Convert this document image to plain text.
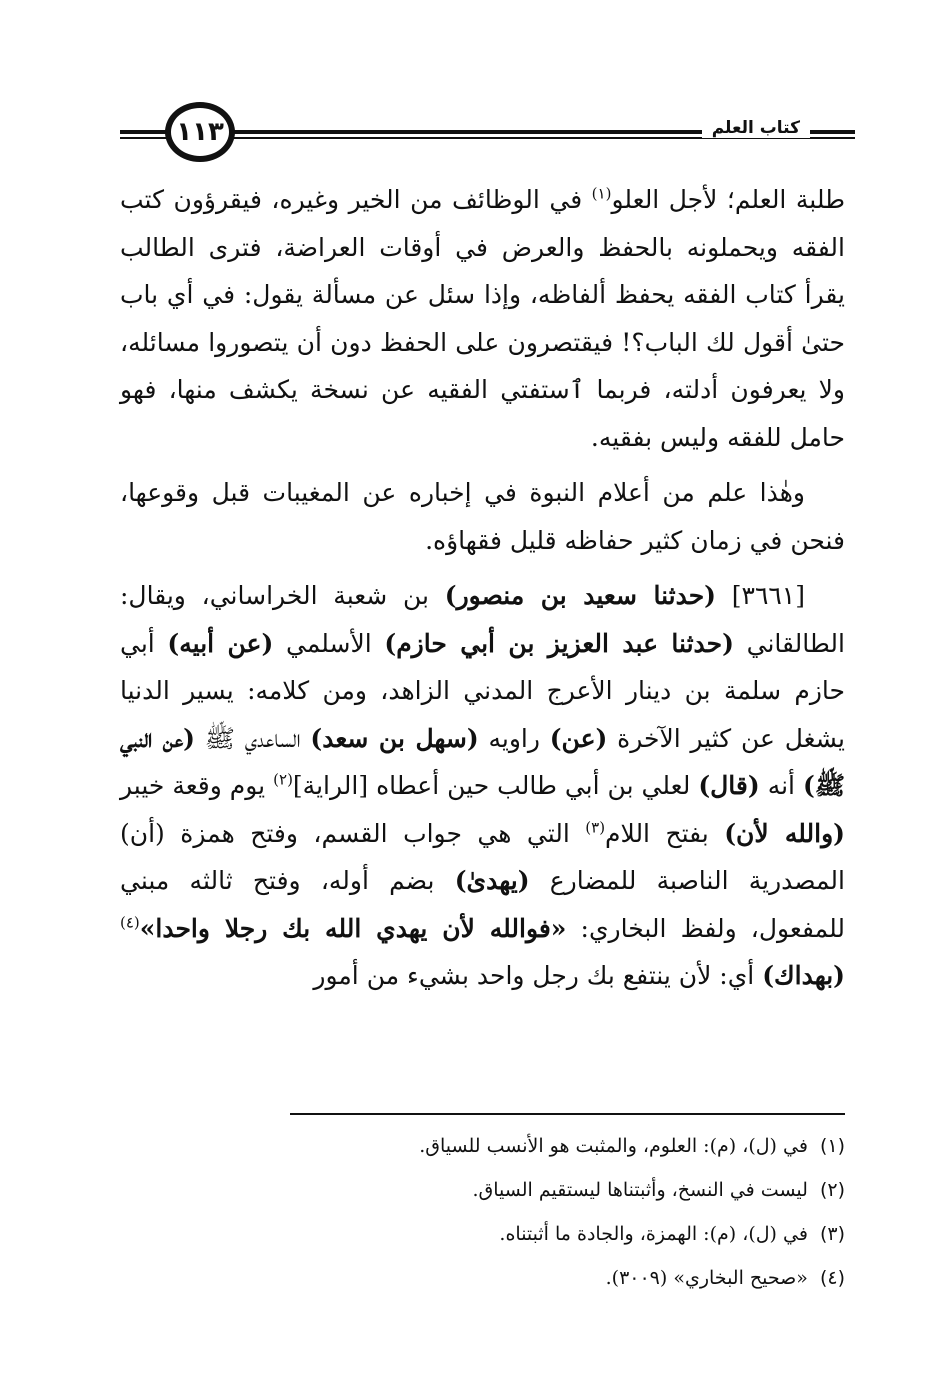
كتاب العلم
١١٣

طلبة العلم؛ لأجل العلو$^{(١)}$ في الوظائف من الخير وغيره، فيقرؤون كتب الفقه ويحملونه بالحفظ والعرض في أوقات العراضة، فترى الطالب يقرأ كتاب الفقه يحفظ ألفاظه، وإذا سئل عن مسألة يقول: في أي باب حتىٰ أقول لك الباب؟! فيقتصرون على الحفظ دون أن يتصوروا مسائله، ولا يعرفون أدلته، فربما ٱستفتي الفقيه عن نسخة يكشف منها، فهو حامل للفقه وليس بفقيه.

وهٰذا علم من أعلام النبوة في إخباره عن المغيبات قبل وقوعها، فنحن في زمان كثير حفاظه قليل فقهاؤه.

[٣٦٦١] (حدثنا سعيد بن منصور) بن شعبة الخراساني، ويقال: الطالقاني (حدثنا عبد العزيز بن أبي حازم) الأسلمي (عن أبيه) أبي حازم سلمة بن دينار الأعرج المدني الزاهد، ومن كلامه: يسير الدنيا يشغل عن كثير الآخرة (عن) راويه (سهل بن سعد) الساعدي ﷺ (عن النبي ﷺ) أنه (قال) لعلي بن أبي طالب حين أعطاه [الراية]$^{(٢)}$ يوم وقعة خيبر (والله لأن) بفتح اللام$^{(٣)}$ التي هي جواب القسم، وفتح همزة (أن) المصدرية الناصبة للمضارع (يهدىٰ) بضم أوله، وفتح ثالثه مبني للمفعول، ولفظ البخاري: «فوالله لأن يهدي الله بك رجلا واحدا»$^{(٤)}$ (بهداك) أي: لأن ينتفع بك رجل واحد بشيء من أمور

(١)في (ل)، (م): العلوم، والمثبت هو الأنسب للسياق.

(٢)ليست في النسخ، وأثبتناها ليستقيم السياق.

(٣)في (ل)، (م): الهمزة، والجادة ما أثبتناه.

(٤)«صحيح البخاري» (٣٠٠٩).
